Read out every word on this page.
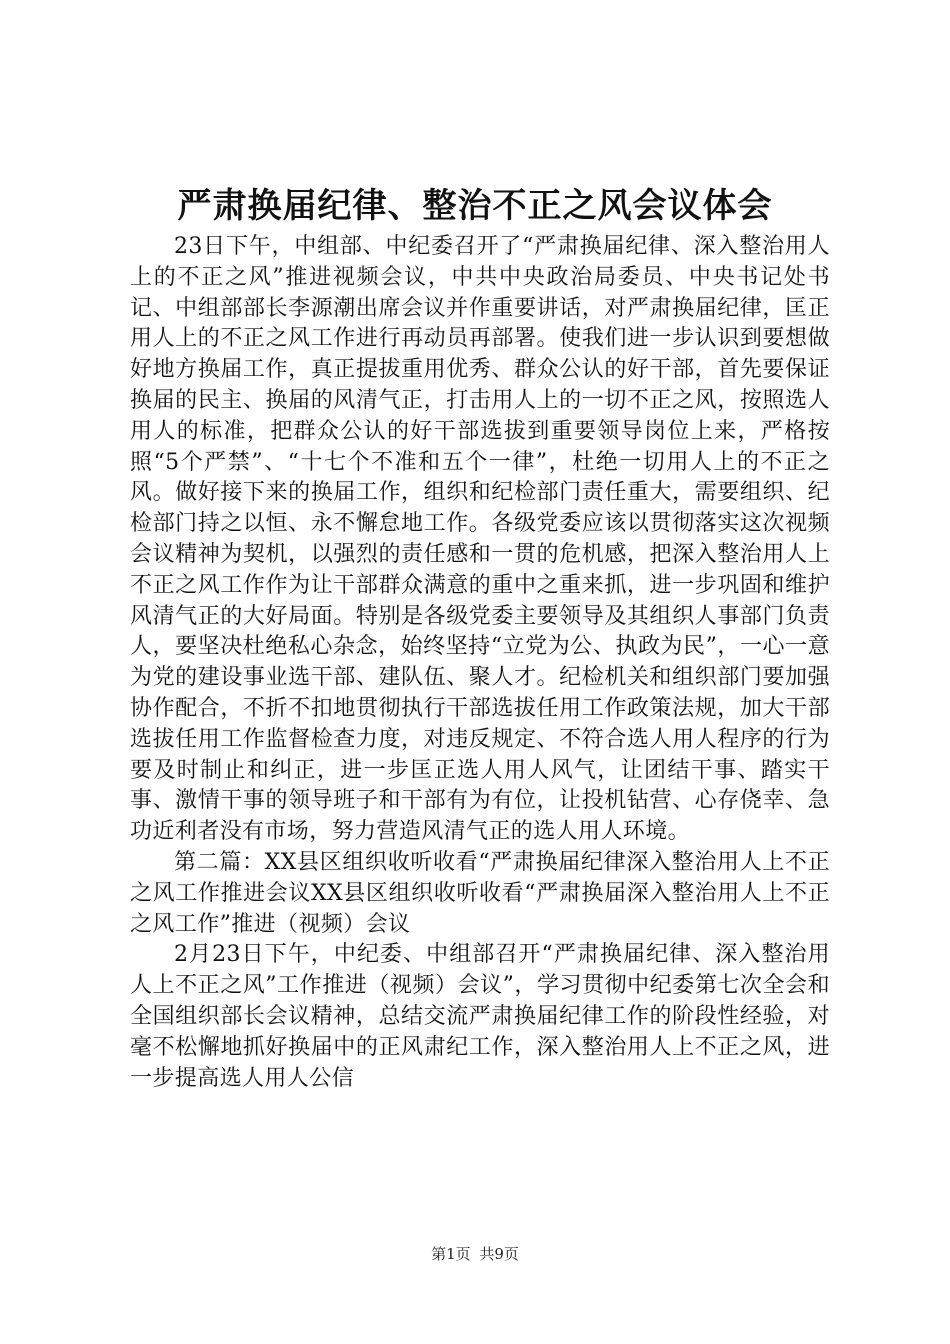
严肃换届纪律、整治不正之风会议体会

23日下午，中组部、中纪委召开了“严肃换届纪律、深入整治用人上的不正之风”推进视频会议，中共中央政治局委员、中央书记处书记、中组部部长李源潮出席会议并作重要讲话，对严肃换届纪律，匡正用人上的不正之风工作进行再动员再部署。使我们进一步认识到要想做好地方换届工作，真正提拔重用优秀、群众公认的好干部，首先要保证换届的民主、换届的风清气正，打击用人上的一切不正之风，按照选人用人的标准，把群众公认的好干部选拔到重要领导岗位上来，严格按照“5个严禁”、“十七个不准和五个一律”，杜绝一切用人上的不正之风。做好接下来的换届工作，组织和纪检部门责任重大，需要组织、纪检部门持之以恒、永不懈怠地工作。各级党委应该以贯彻落实这次视频会议精神为契机，以强烈的责任感和一贯的危机感，把深入整治用人上不正之风工作作为让干部群众满意的重中之重来抓，进一步巩固和维护风清气正的大好局面。特别是各级党委主要领导及其组织人事部门负责人，要坚决杜绝私心杂念，始终坚持“立党为公、执政为民”，一心一意为党的建设事业选干部、建队伍、聚人才。纪检机关和组织部门要加强协作配合，不折不扣地贯彻执行干部选拔任用工作政策法规，加大干部选拔任用工作监督检查力度，对违反规定、不符合选人用人程序的行为要及时制止和纠正，进一步匡正选人用人风气，让团结干事、踏实干事、激情干事的领导班子和干部有为有位，让投机钻营、心存侥幸、急功近利者没有市场，努力营造风清气正的选人用人环境。

第二篇：XX县区组织收听收看“严肃换届纪律深入整治用人上不正之风工作推进会议XX县区组织收听收看“严肃换届深入整治用人上不正之风工作”推进（视频）会议

2月23日下午，中纪委、中组部召开“严肃换届纪律、深入整治用人上不正之风”工作推进（视频）会议”，学习贯彻中纪委第七次全会和全国组织部长会议精神，总结交流严肃换届纪律工作的阶段性经验，对毫不松懈地抓好换届中的正风肃纪工作，深入整治用人上不正之风，进一步提高选人用人公信

第1页 共9页
